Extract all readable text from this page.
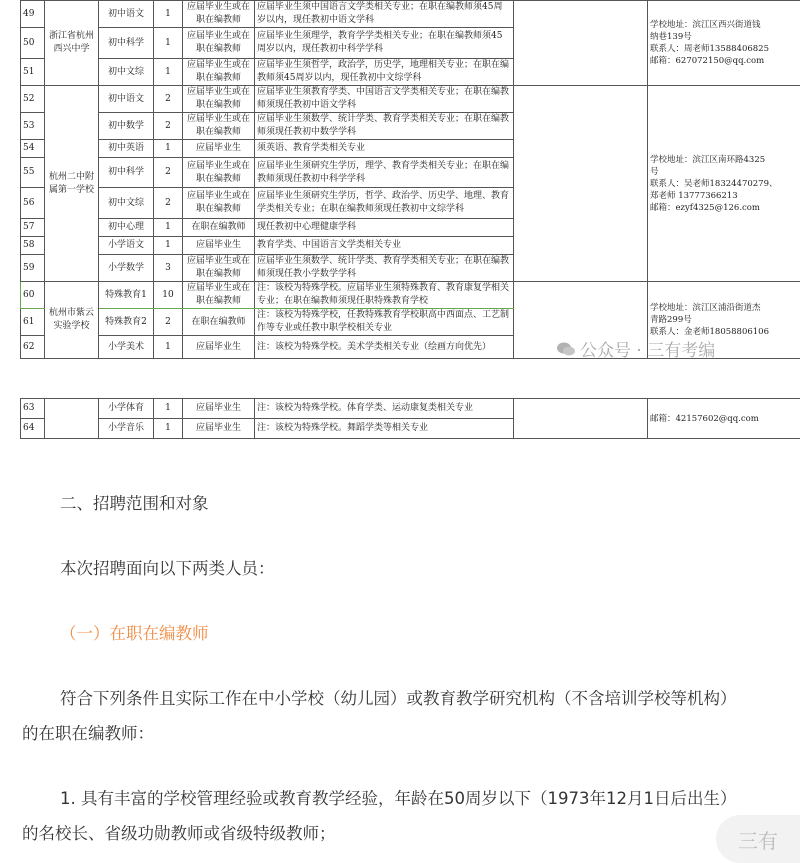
49	浙江省杭州西兴中学	初中语文	1	应届毕业生或在职在编教师	应届毕业生须中国语言文学类相关专业；在职在编教师须45周岁以内，现任教初中语文学科		学校地址：滨江区西兴街道钱
纳巷139号
联系人：周老师13588406825
邮箱：627072150@qq.com

50		初中科学	1	应届毕业生或在职在编教师	应届毕业生须理学，教育学学类相关专业；在职在编教师须45周岁以内，现任教初中科学学科		
51		初中文综	1	应届毕业生或在职在编教师	应届毕业生须哲学，政治学，历史学，地理相关专业；在职在编教师须45周岁以内，现任教初中文综学科		
52	杭州二中附属第一学校	初中语文	2	应届毕业生或在职在编教师	应届毕业生须教育学类、中国语言文学类相关专业；在职在编教师须现任教初中语文学科		学校地址：滨江区南环路4325
号
联系人：吴老师18324470279、
郑老师 13777366213
邮箱：ezyf4325@126.com

53		初中数学	2	应届毕业生或在职在编教师	应届毕业生须数学、统计学类、教育学类相关专业；在职在编教师须现任教初中数学学科		
54		初中英语	1	应届毕业生	须英语、教育学类相关专业		
55		初中科学	2	应届毕业生或在职在编教师	应届毕业生须研究生学历，理学、教育学类相关专业；在职在编教师须现任教初中科学学科		
56		初中文综	2	应届毕业生或在职在编教师	应届毕业生须研究生学历，哲学、政治学、历史学、地理、教育学类相关专业；在职在编教师须现任教初中文综学科		
57		初中心理	1	在职在编教师	现任教初中心理健康学科		
58		小学语文	1	应届毕业生	教育学类、中国语言文学类相关专业		
59		小学数学	3	应届毕业生或在职在编教师	应届毕业生须数学、统计学类、教育学类相关专业；在职在编教师须现任教小学数学学科		
60	杭州市紫云实验学校	特殊教育1	10	应届毕业生或在职在编教师	注：该校为特殊学校。应届毕业生须特殊教育、教育康复学相关专业；在职在编教师须现任职特殊教育学校		学校地址：滨江区浦沿街道杰
青路299号
联系人：金老师18058806106

61		特殊教育2	2	在职在编教师	注：该校为特殊学校，任教特殊教育学校职高中西面点、工艺制作等专业或任教中职学校相关专业		
62		小学美术	1	应届毕业生	注：该校为特殊学校。美术学类相关专业（绘画方向优先）			公众号 · 三有考编
63		小学体育	1	应届毕业生	注：该校为特殊学校。体育学类、运动康复类相关专业		邮箱：42157602@qq.com

64		小学音乐	1	应届毕业生	注：该校为特殊学校。舞蹈学类等相关专业		

二、招聘范围和对象

本次招聘面向以下两类人员：

（一）在职在编教师

符合下列条件且实际工作在中小学校（幼儿园）或教育教学研究机构（不含培训学校等机构）

的在职在编教师：

1. 具有丰富的学校管理经验或教育教学经验，年龄在50周岁以下（1973年12月1日后出生）

的名校长、省级功勋教师或省级特级教师；	三有
